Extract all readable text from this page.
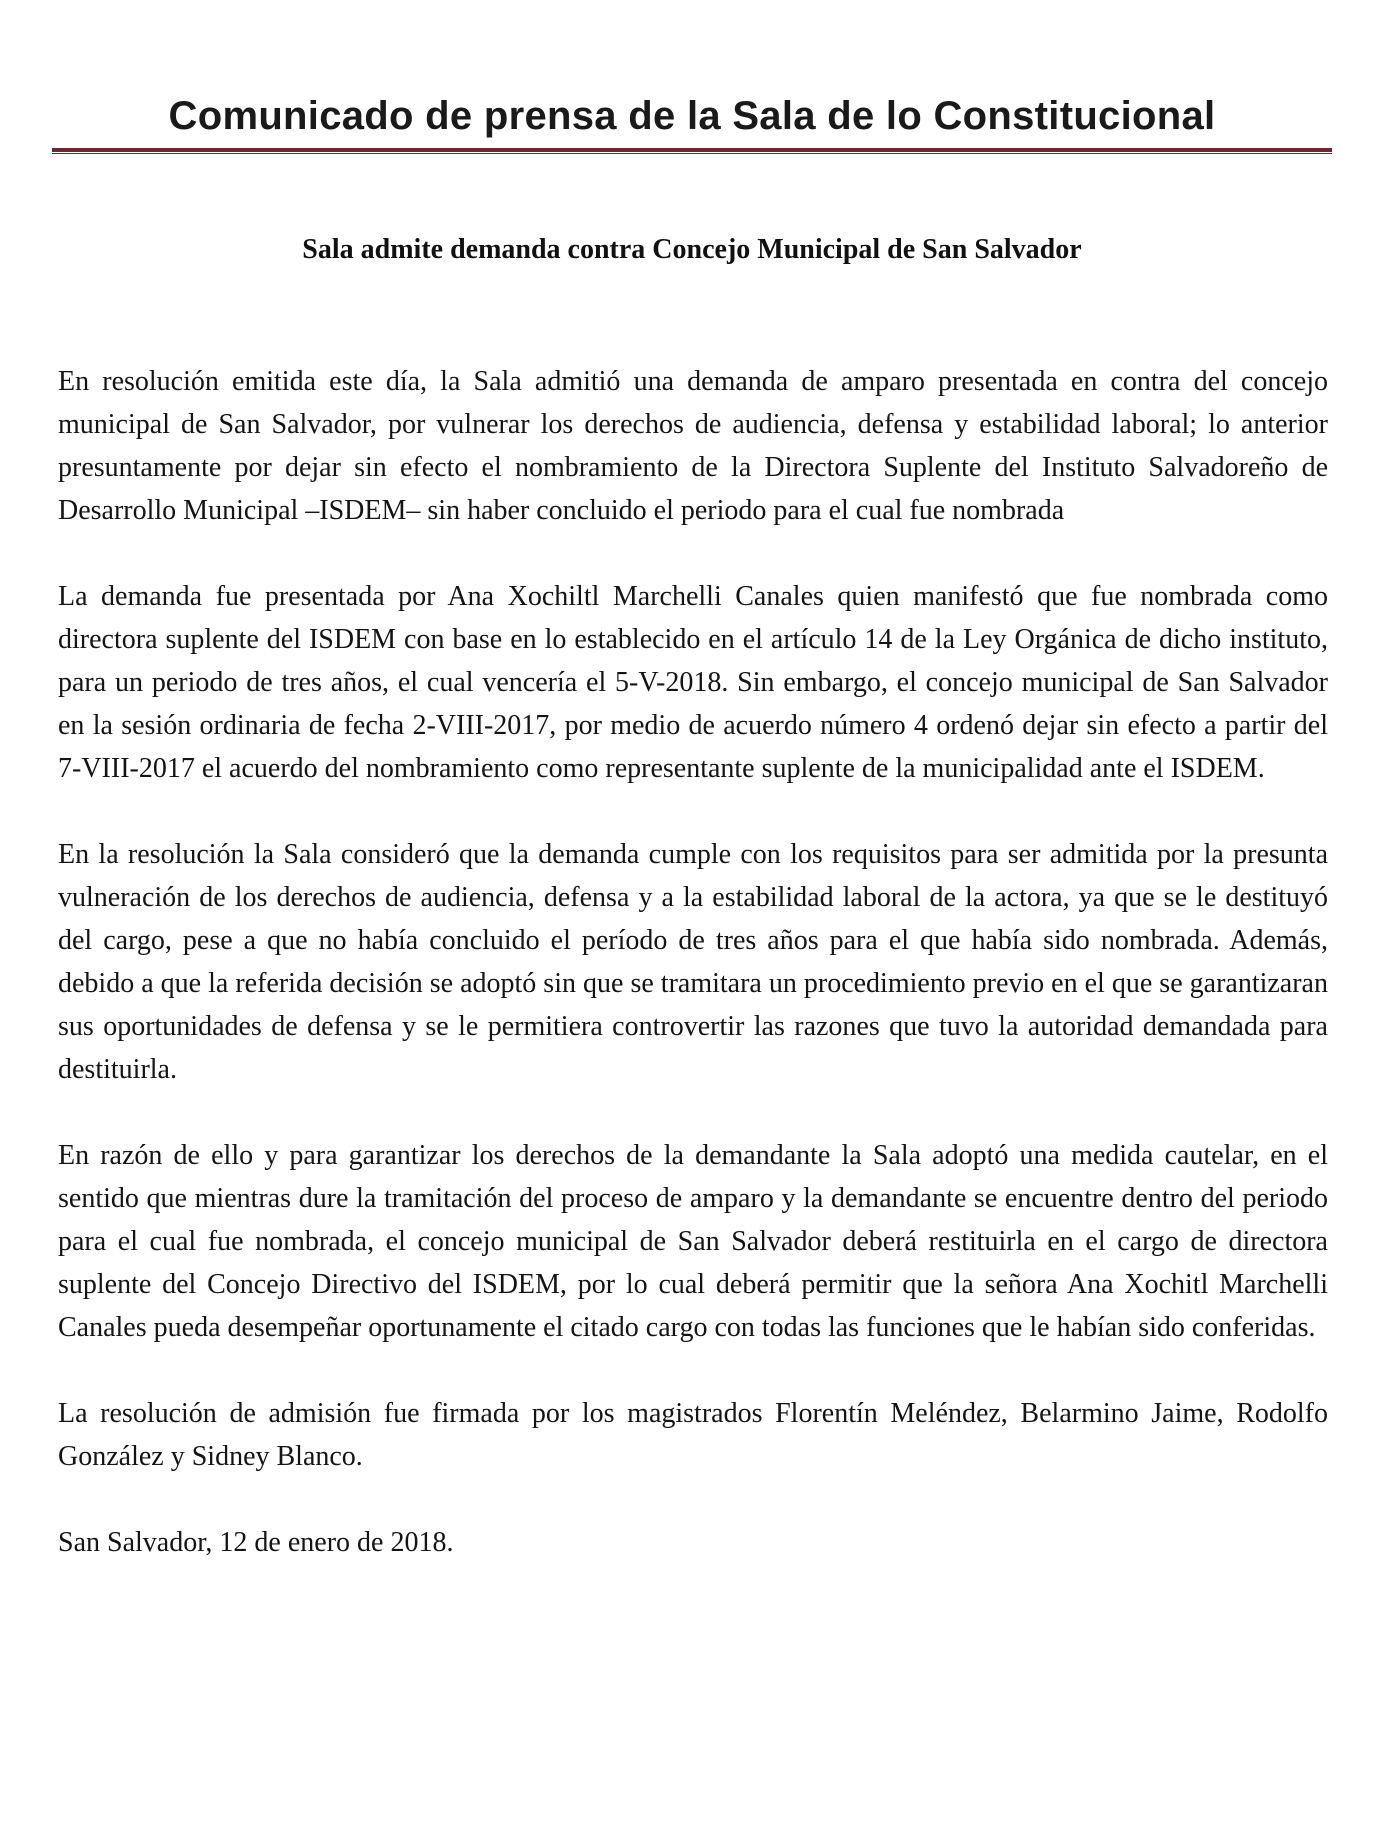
Comunicado de prensa de la Sala de lo Constitucional
Sala admite demanda contra Concejo Municipal de San Salvador

En resolución emitida este día, la Sala admitió una demanda de amparo presentada en contra del concejo municipal de San Salvador, por vulnerar los derechos de audiencia, defensa y estabilidad laboral; lo anterior presuntamente por dejar sin efecto el nombramiento de la Directora Suplente del Instituto Salvadoreño de Desarrollo Municipal –ISDEM– sin haber concluido el periodo para el cual fue nombrada

La demanda fue presentada por Ana Xochiltl Marchelli Canales quien manifestó que fue nombrada como directora suplente del ISDEM con base en lo establecido en el artículo 14 de la Ley Orgánica de dicho instituto, para un periodo de tres años, el cual vencería el 5-V-2018. Sin embargo, el concejo municipal de San Salvador en la sesión ordinaria de fecha 2-VIII-2017, por medio de acuerdo número 4 ordenó dejar sin efecto a partir del 7-VIII-2017 el acuerdo del nombramiento como representante suplente de la municipalidad ante el ISDEM.

En la resolución la Sala consideró que la demanda cumple con los requisitos para ser admitida por la presunta vulneración de los derechos de audiencia, defensa y a la estabilidad laboral de la actora, ya que se le destituyó del cargo, pese a que no había concluido el período de tres años para el que había sido nombrada. Además, debido a que la referida decisión se adoptó sin que se tramitara un procedimiento previo en el que se garantizaran sus oportunidades de defensa y se le permitiera controvertir las razones que tuvo la autoridad demandada para destituirla.

En razón de ello y para garantizar los derechos de la demandante la Sala adoptó una medida cautelar, en el sentido que mientras dure la tramitación del proceso de amparo y la demandante se encuentre dentro del periodo para el cual fue nombrada, el concejo municipal de San Salvador deberá restituirla en el cargo de directora suplente del Concejo Directivo del ISDEM, por lo cual deberá permitir que la señora Ana Xochitl Marchelli Canales pueda desempeñar oportunamente el citado cargo con todas las funciones que le habían sido conferidas.

La resolución de admisión fue firmada por los magistrados Florentín Meléndez, Belarmino Jaime, Rodolfo González y Sidney Blanco.

San Salvador, 12 de enero de 2018.
